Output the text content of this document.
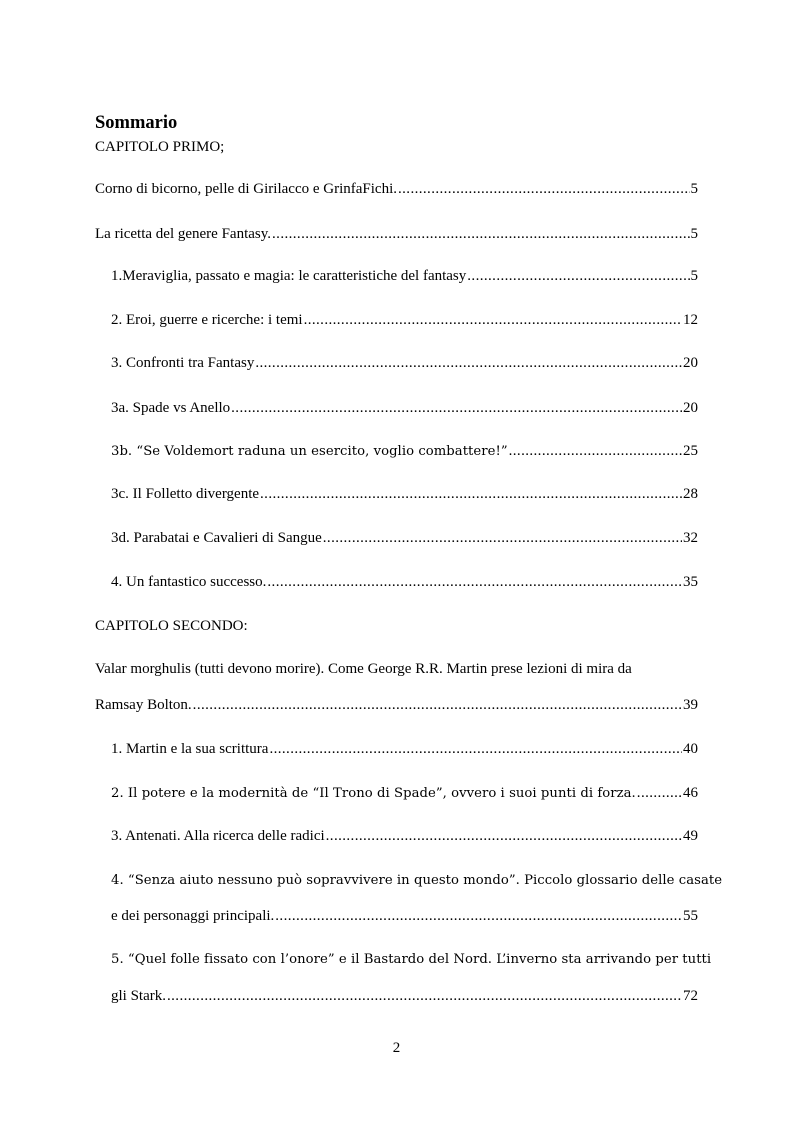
Sommario
CAPITOLO PRIMO;
Corno di bicorno, pelle di Girilacco e GrinfaFichi. .....	5
La ricetta del genere Fantasy. .....	5
1.Meraviglia, passato e magia: le caratteristiche del fantasy .....	5
2. Eroi, guerre e ricerche: i temi .....	12
3. Confronti tra Fantasy .....	20
3a. Spade vs Anello .....	20
3b. “Se Voldemort raduna un esercito, voglio combattere!” .....	25
3c. Il Folletto divergente .....	28
3d. Parabatai e Cavalieri di Sangue .....	32
4. Un fantastico successo. .....	35
CAPITOLO SECONDO:
Valar morghulis (tutti devono morire). Come George R.R. Martin prese lezioni di mira da
Ramsay Bolton. .....	39
1. Martin e la sua scrittura .....	40
2. Il potere e la modernità de “Il Trono di Spade”, ovvero i suoi punti di forza. .....	46
3. Antenati. Alla ricerca delle radici .....	49
4. “Senza aiuto nessuno può sopravvivere in questo mondo”. Piccolo glossario delle casate
e dei personaggi principali. .....	55
5. “Quel folle fissato con l’onore” e il Bastardo del Nord. L’inverno sta arrivando per tutti
gli Stark. .....	72
2
